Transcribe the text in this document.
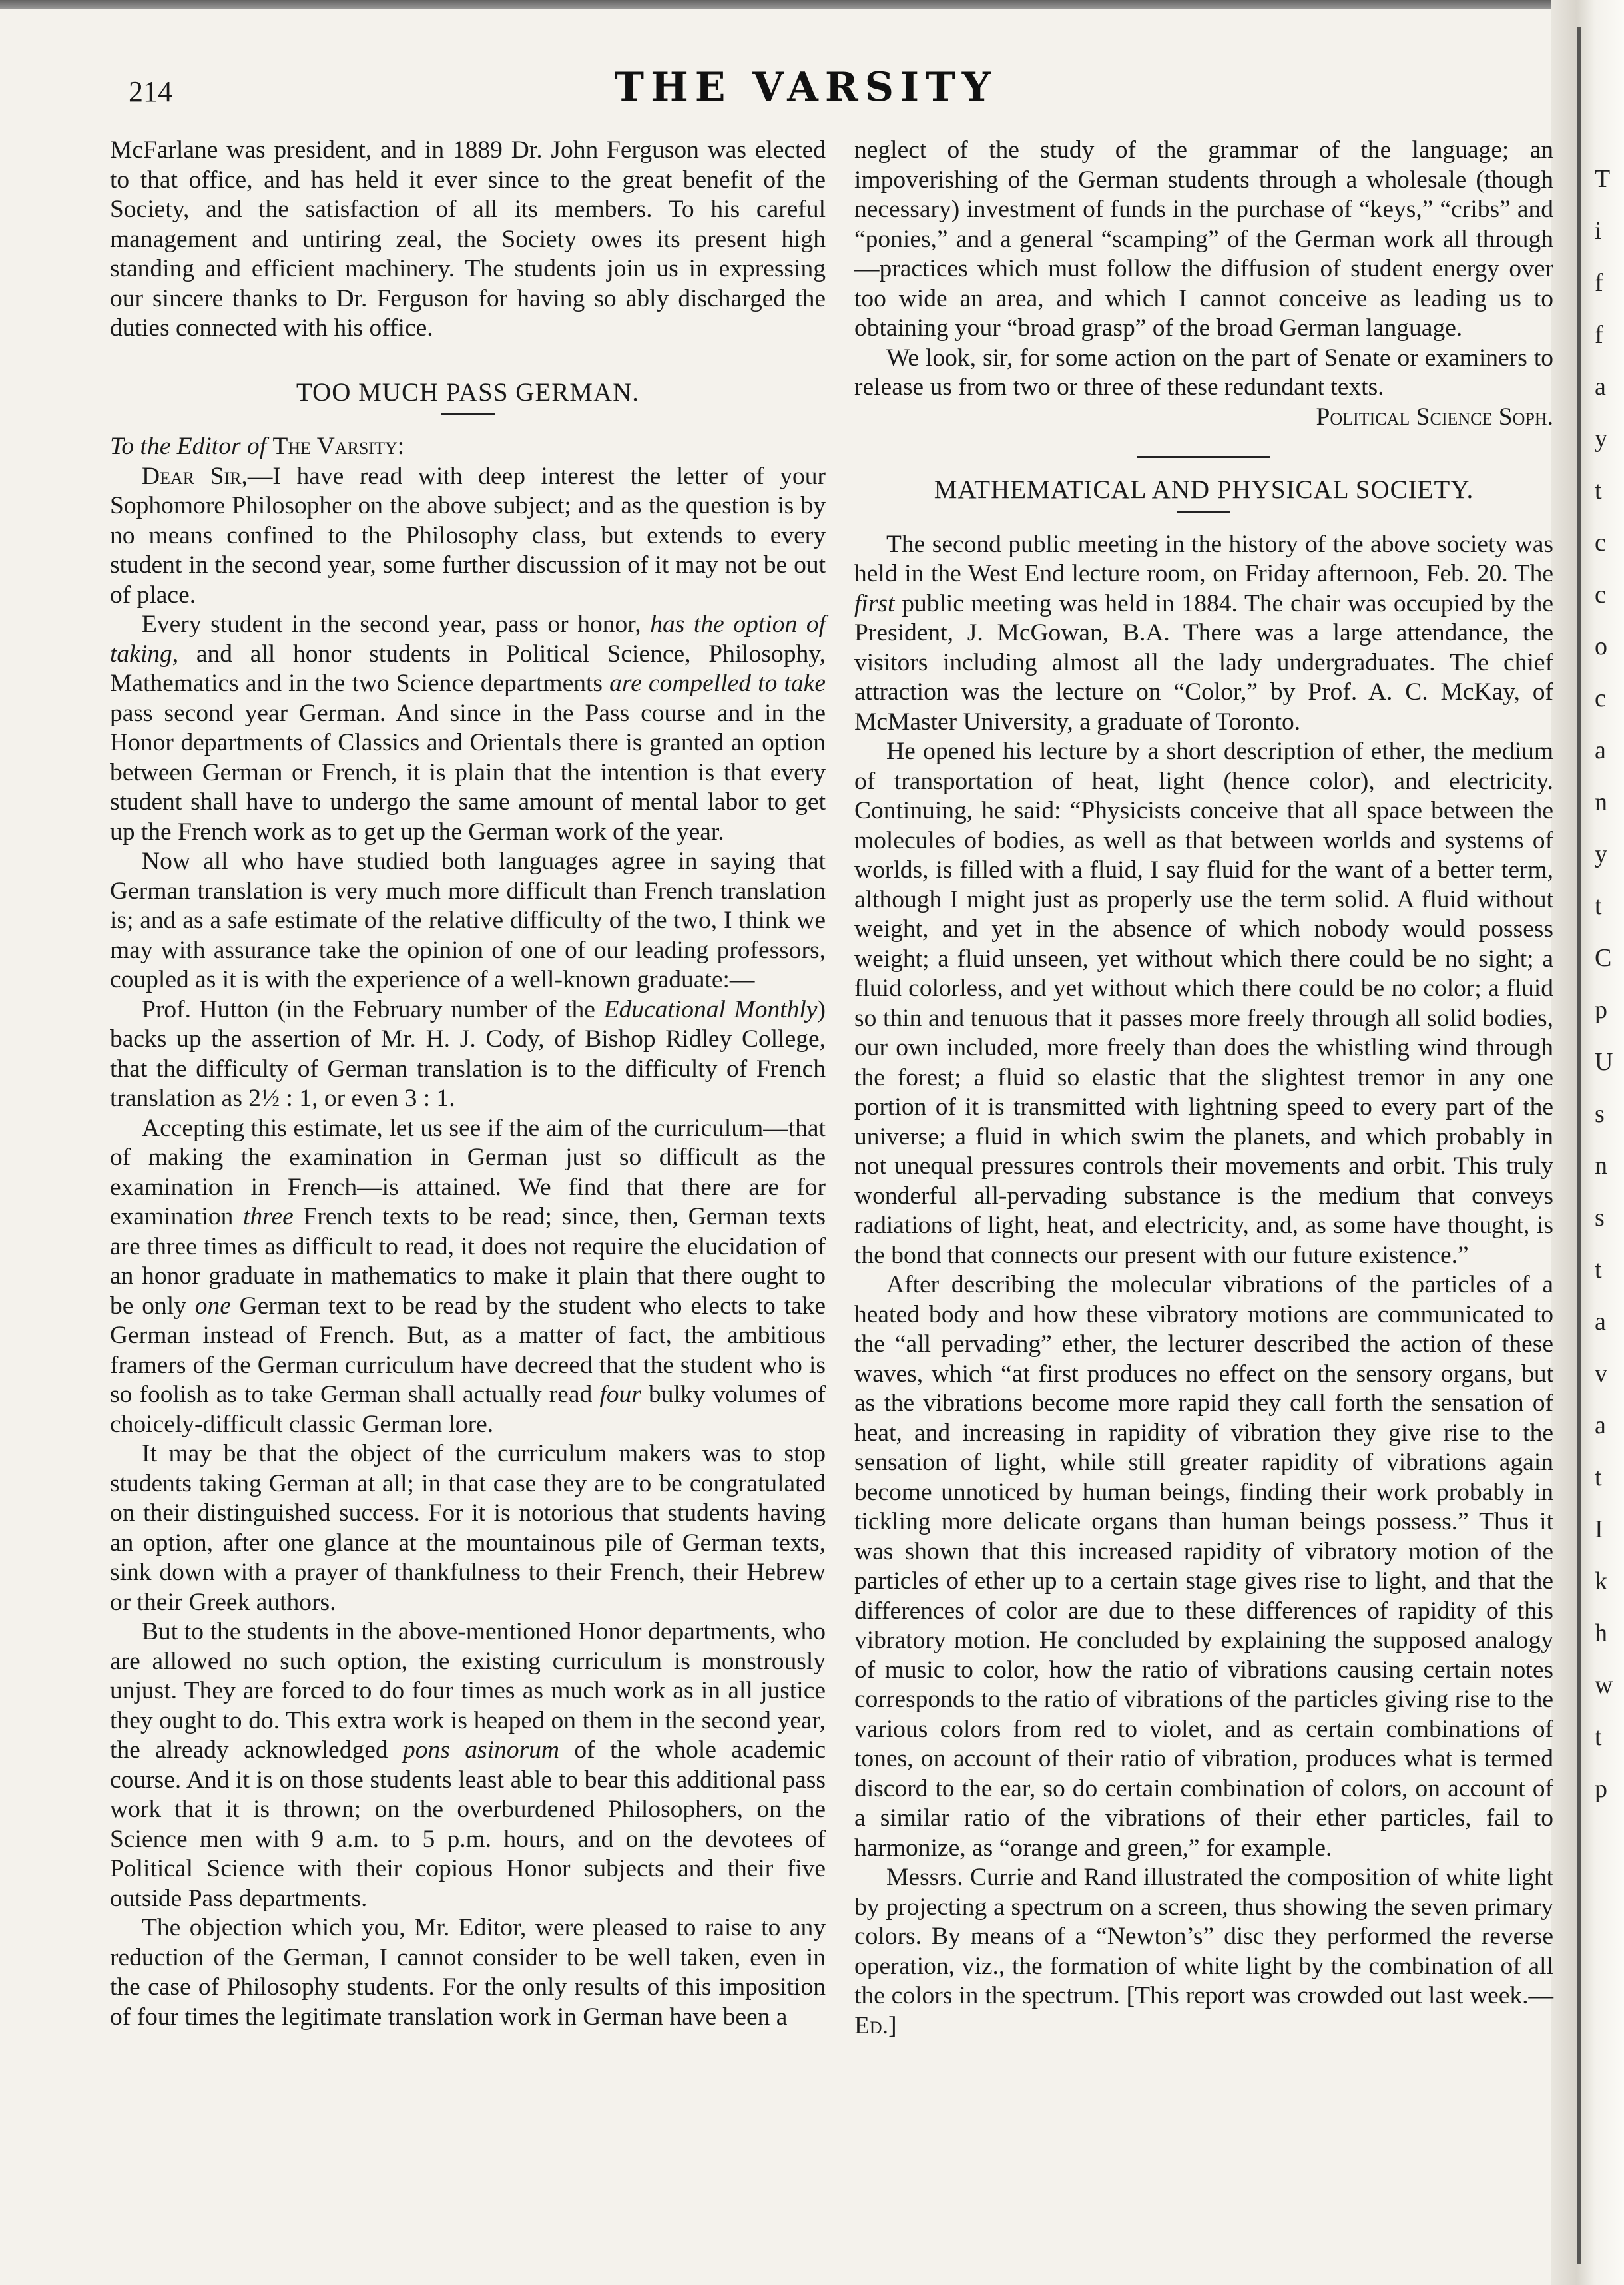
T
i
f
f
a
y
t
c
c
o
c
a
n
y
t
C
p
U
s
n
s
t
a
v
a
t
I
k
h
w
t
p
214	THE VARSITY

McFarlane was president, and in 1889 Dr. John Ferguson was elected to that office, and has held it ever since to the great benefit of the Society, and the satisfaction of all its members. To his careful management and untiring zeal, the Society owes its present high standing and efficient machinery. The students join us in expressing our sincere thanks to Dr. Ferguson for having so ably discharged the duties connected with his office.

TOO MUCH PASS GERMAN.

To the Editor of The Varsity:

Dear Sir,—I have read with deep interest the letter of your Sophomore Philosopher on the above subject; and as the question is by no means confined to the Philosophy class, but extends to every student in the second year, some further discussion of it may not be out of place.

Every student in the second year, pass or honor, has the option of taking, and all honor students in Political Science, Philosophy, Mathematics and in the two Science departments are compelled to take pass second year German. And since in the Pass course and in the Honor departments of Classics and Orientals there is granted an option between German or French, it is plain that the intention is that every student shall have to undergo the same amount of mental labor to get up the French work as to get up the German work of the year.

Now all who have studied both languages agree in saying that German translation is very much more difficult than French translation is; and as a safe estimate of the relative difficulty of the two, I think we may with assurance take the opinion of one of our leading professors, coupled as it is with the experience of a well-known graduate:—

Prof. Hutton (in the February number of the Educational Monthly) backs up the assertion of Mr. H. J. Cody, of Bishop Ridley College, that the difficulty of German translation is to the difficulty of French translation as 2½ : 1, or even 3 : 1.

Accepting this estimate, let us see if the aim of the curriculum—that of making the examination in German just so difficult as the examination in French—is attained. We find that there are for examination three French texts to be read; since, then, German texts are three times as difficult to read, it does not require the elucidation of an honor graduate in mathematics to make it plain that there ought to be only one German text to be read by the student who elects to take German instead of French. But, as a matter of fact, the ambitious framers of the German curriculum have decreed that the student who is so foolish as to take German shall actually read four bulky volumes of choicely-difficult classic German lore.

It may be that the object of the curriculum makers was to stop students taking German at all; in that case they are to be congratulated on their distinguished success. For it is notorious that students having an option, after one glance at the mountainous pile of German texts, sink down with a prayer of thankfulness to their French, their Hebrew or their Greek authors.

But to the students in the above-mentioned Honor departments, who are allowed no such option, the existing curriculum is monstrously unjust. They are forced to do four times as much work as in all justice they ought to do. This extra work is heaped on them in the second year, the already acknowledged pons asinorum of the whole academic course. And it is on those students least able to bear this additional pass work that it is thrown; on the overburdened Philosophers, on the Science men with 9 a.m. to 5 p.m. hours, and on the devotees of Political Science with their copious Honor subjects and their five outside Pass departments.

The objection which you, Mr. Editor, were pleased to raise to any reduction of the German, I cannot consider to be well taken, even in the case of Philosophy students. For the only results of this imposition of four times the legitimate translation work in German have been a

neglect of the study of the grammar of the language; an impoverishing of the German students through a wholesale (though necessary) investment of funds in the purchase of “keys,” “cribs” and “ponies,” and a general “scamping” of the German work all through—practices which must follow the diffusion of student energy over too wide an area, and which I cannot conceive as leading us to obtaining your “broad grasp” of the broad German language.

We look, sir, for some action on the part of Senate or examiners to release us from two or three of these redundant texts.

Political Science Soph.
MATHEMATICAL AND PHYSICAL SOCIETY.

The second public meeting in the history of the above society was held in the West End lecture room, on Friday afternoon, Feb. 20. The first public meeting was held in 1884. The chair was occupied by the President, J. McGowan, B.A. There was a large attendance, the visitors including almost all the lady undergraduates. The chief attraction was the lecture on “Color,” by Prof. A. C. McKay, of McMaster University, a graduate of Toronto.

He opened his lecture by a short description of ether, the medium of transportation of heat, light (hence color), and electricity. Continuing, he said: “Physicists conceive that all space between the molecules of bodies, as well as that between worlds and systems of worlds, is filled with a fluid, I say fluid for the want of a better term, although I might just as properly use the term solid. A fluid without weight, and yet in the absence of which nobody would possess weight; a fluid unseen, yet without which there could be no sight; a fluid colorless, and yet without which there could be no color; a fluid so thin and tenuous that it passes more freely through all solid bodies, our own included, more freely than does the whistling wind through the forest; a fluid so elastic that the slightest tremor in any one portion of it is transmitted with lightning speed to every part of the universe; a fluid in which swim the planets, and which probably in not unequal pressures controls their movements and orbit. This truly wonderful all-pervading substance is the medium that conveys radiations of light, heat, and electricity, and, as some have thought, is the bond that connects our present with our future existence.”

After describing the molecular vibrations of the particles of a heated body and how these vibratory motions are communicated to the “all pervading” ether, the lecturer described the action of these waves, which “at first produces no effect on the sensory organs, but as the vibrations become more rapid they call forth the sensation of heat, and increasing in rapidity of vibration they give rise to the sensation of light, while still greater rapidity of vibrations again become unnoticed by human beings, finding their work probably in tickling more delicate organs than human beings possess.” Thus it was shown that this increased rapidity of vibratory motion of the particles of ether up to a certain stage gives rise to light, and that the differences of color are due to these differences of rapidity of this vibratory motion. He concluded by explaining the supposed analogy of music to color, how the ratio of vibrations causing certain notes corresponds to the ratio of vibrations of the particles giving rise to the various colors from red to violet, and as certain combinations of tones, on account of their ratio of vibration, produces what is termed discord to the ear, so do certain combination of colors, on account of a similar ratio of the vibrations of their ether particles, fail to harmonize, as “orange and green,” for example.

Messrs. Currie and Rand illustrated the composition of white light by projecting a spectrum on a screen, thus showing the seven primary colors. By means of a “Newton’s” disc they performed the reverse operation, viz., the formation of white light by the combination of all the colors in the spectrum. [This report was crowded out last week.—Ed.]
